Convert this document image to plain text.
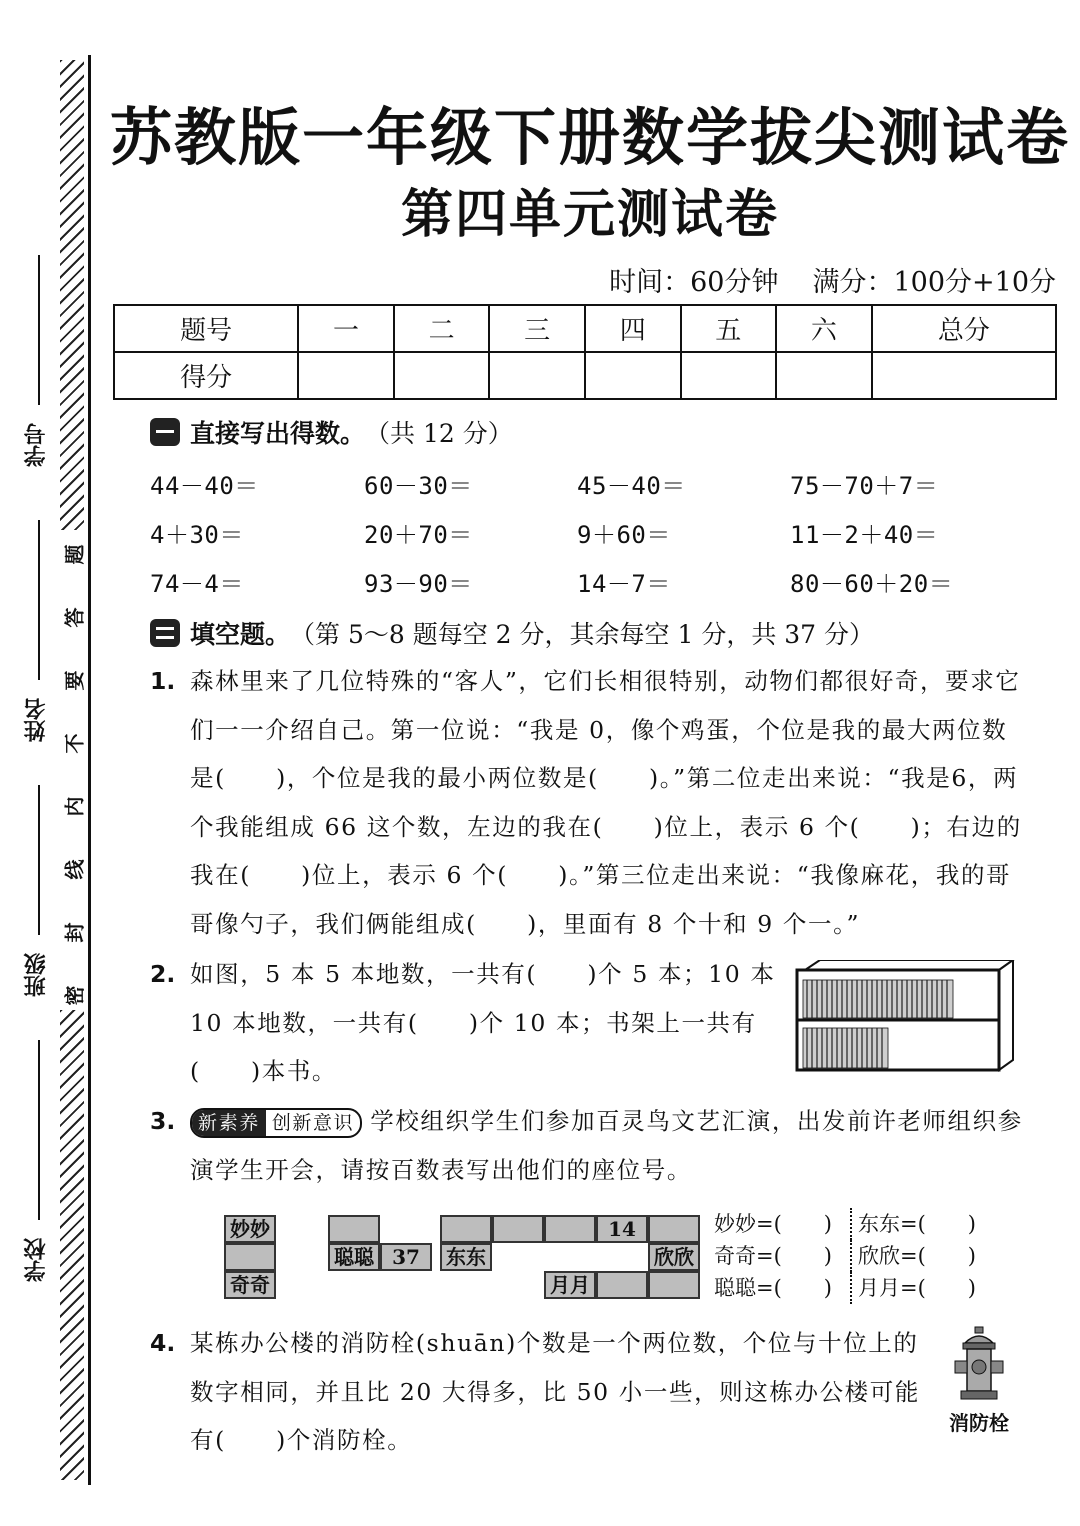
学号
姓名
班级
学校
题
答
要
不
内
线
封
密
苏教版一年级下册数学拔尖测试卷
第四单元测试卷
时间：60分钟 满分：100分+10分
题号	一	二	三	四	五	六	总分
得分							
直接写出得数。 （共 12 分）
44－40＝	60－30＝	45－40＝	75－70＋7＝
4＋30＝	20＋70＝	9＋60＝	11－2＋40＝
74－4＝	93－90＝	14－7＝	80－60＋20＝
填空题。 （第 5～8 题每空 2 分，其余每空 1 分，共 37 分）
1. 森林里来了几位特殊的“客人”，它们长相很特别，动物们都很好奇，要求它们一一介绍自己。第一位说：“我是 0，像个鸡蛋，个位是我的最大两位数是(　　)，个位是我的最小两位数是(　　)。”第二位走出来说：“我是6，两个我能组成 66 这个数，左边的我在(　　)位上，表示 6 个(　　)；右边的我在(　　)位上，表示 6 个(　　)。”第三位走出来说：“我像麻花，我的哥哥像勺子，我们俩能组成(　　)，里面有 8 个十和 9 个一。”
2. 如图，5 本 5 本地数，一共有(　　)个 5 本；10 本 10 本地数，一共有(　　)个 10 本；书架上一共有(　　)本书。
3.	新素养 创新意识 学校组织学生们参加百灵鸟文艺汇演，出发前许老师组织参演学生开会，请按百数表写出他们的座位号。
妙妙
奇奇
聪聪 37
14
东东	欣欣
月月
妙妙=(　　) 东东=(　　)
奇奇=(　　) 欣欣=(　　)
聪聪=(　　) 月月=(　　)
4. 某栋办公楼的消防栓(shuān)个数是一个两位数，个位与十位上的数字相同，并且比 20 大得多，比 50 小一些，则这栋办公楼可能有(　　)个消防栓。
消防栓
